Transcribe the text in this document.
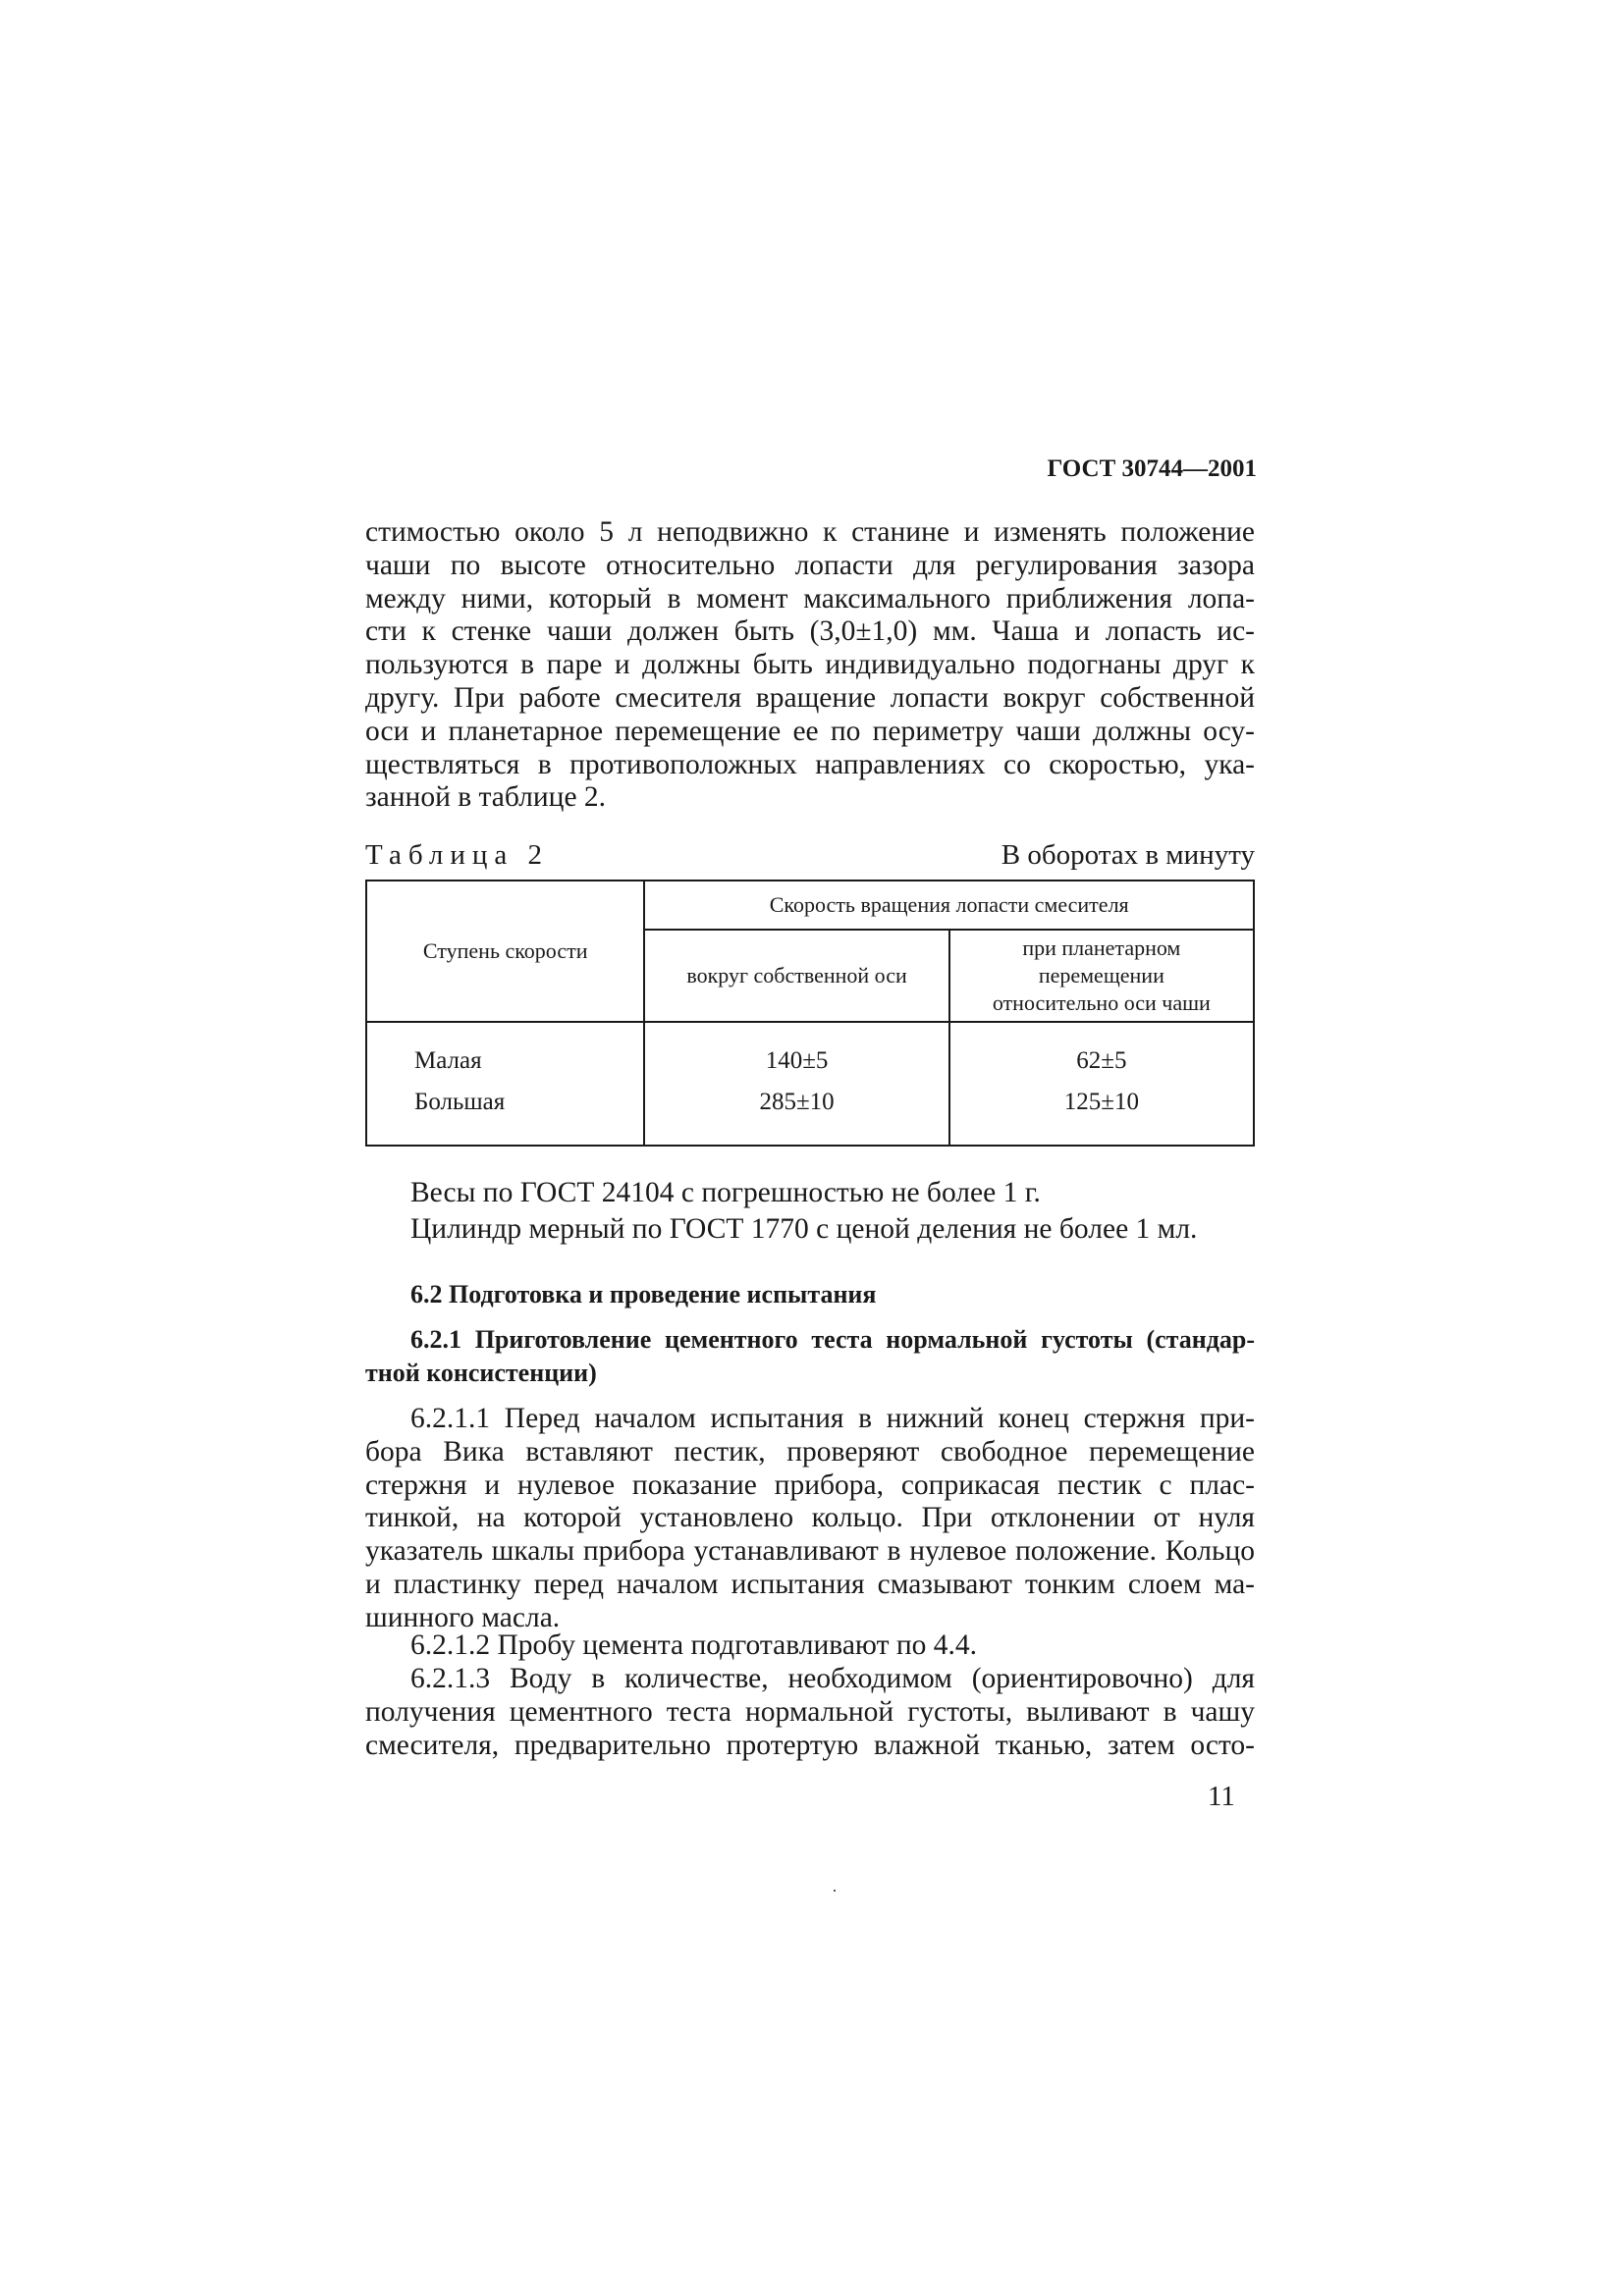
ГОСТ 30744—2001
стимостью около 5 л неподвижно к станине и изменять положение
чаши по высоте относительно лопасти для регулирования зазора
между ними, который в момент максимального приближения лопа-
сти к стенке чаши должен быть (3,0±1,0) мм. Чаша и лопасть ис-
пользуются в паре и должны быть индивидуально подогнаны друг к
другу. При работе смесителя вращение лопасти вокруг собственной
оси и планетарное перемещение ее по периметру чаши должны осу-
ществляться в противоположных направлениях со скоростью, ука-
занной в таблице 2.
Таблица 2	В оборотах в минуту
Ступень скорости	Скорость вращения лопасти смесителя	
	вокруг собственной оси	при планетарном
перемещении
относительно оси чаши

Малая	140±5	62±5
Большая	285±10	125±10
Весы по ГОСТ 24104 с погрешностью не более 1 г.
Цилиндр мерный по ГОСТ 1770 с ценой деления не более 1 мл.
6.2 Подготовка и проведение испытания
6.2.1 Приготовление цементного теста нормальной густоты (стандар-
тной консистенции)
6.2.1.1 Перед началом испытания в нижний конец стержня при-
бора Вика вставляют пестик, проверяют свободное перемещение
стержня и нулевое показание прибора, соприкасая пестик с плас-
тинкой, на которой установлено кольцо. При отклонении от нуля
указатель шкалы прибора устанавливают в нулевое положение. Кольцо
и пластинку перед началом испытания смазывают тонким слоем ма-
шинного масла.
6.2.1.2 Пробу цемента подготавливают по 4.4.
6.2.1.3 Воду в количестве, необходимом (ориентировочно) для
получения цементного теста нормальной густоты, выливают в чашу
смесителя, предварительно протертую влажной тканью, затем осто-
11
